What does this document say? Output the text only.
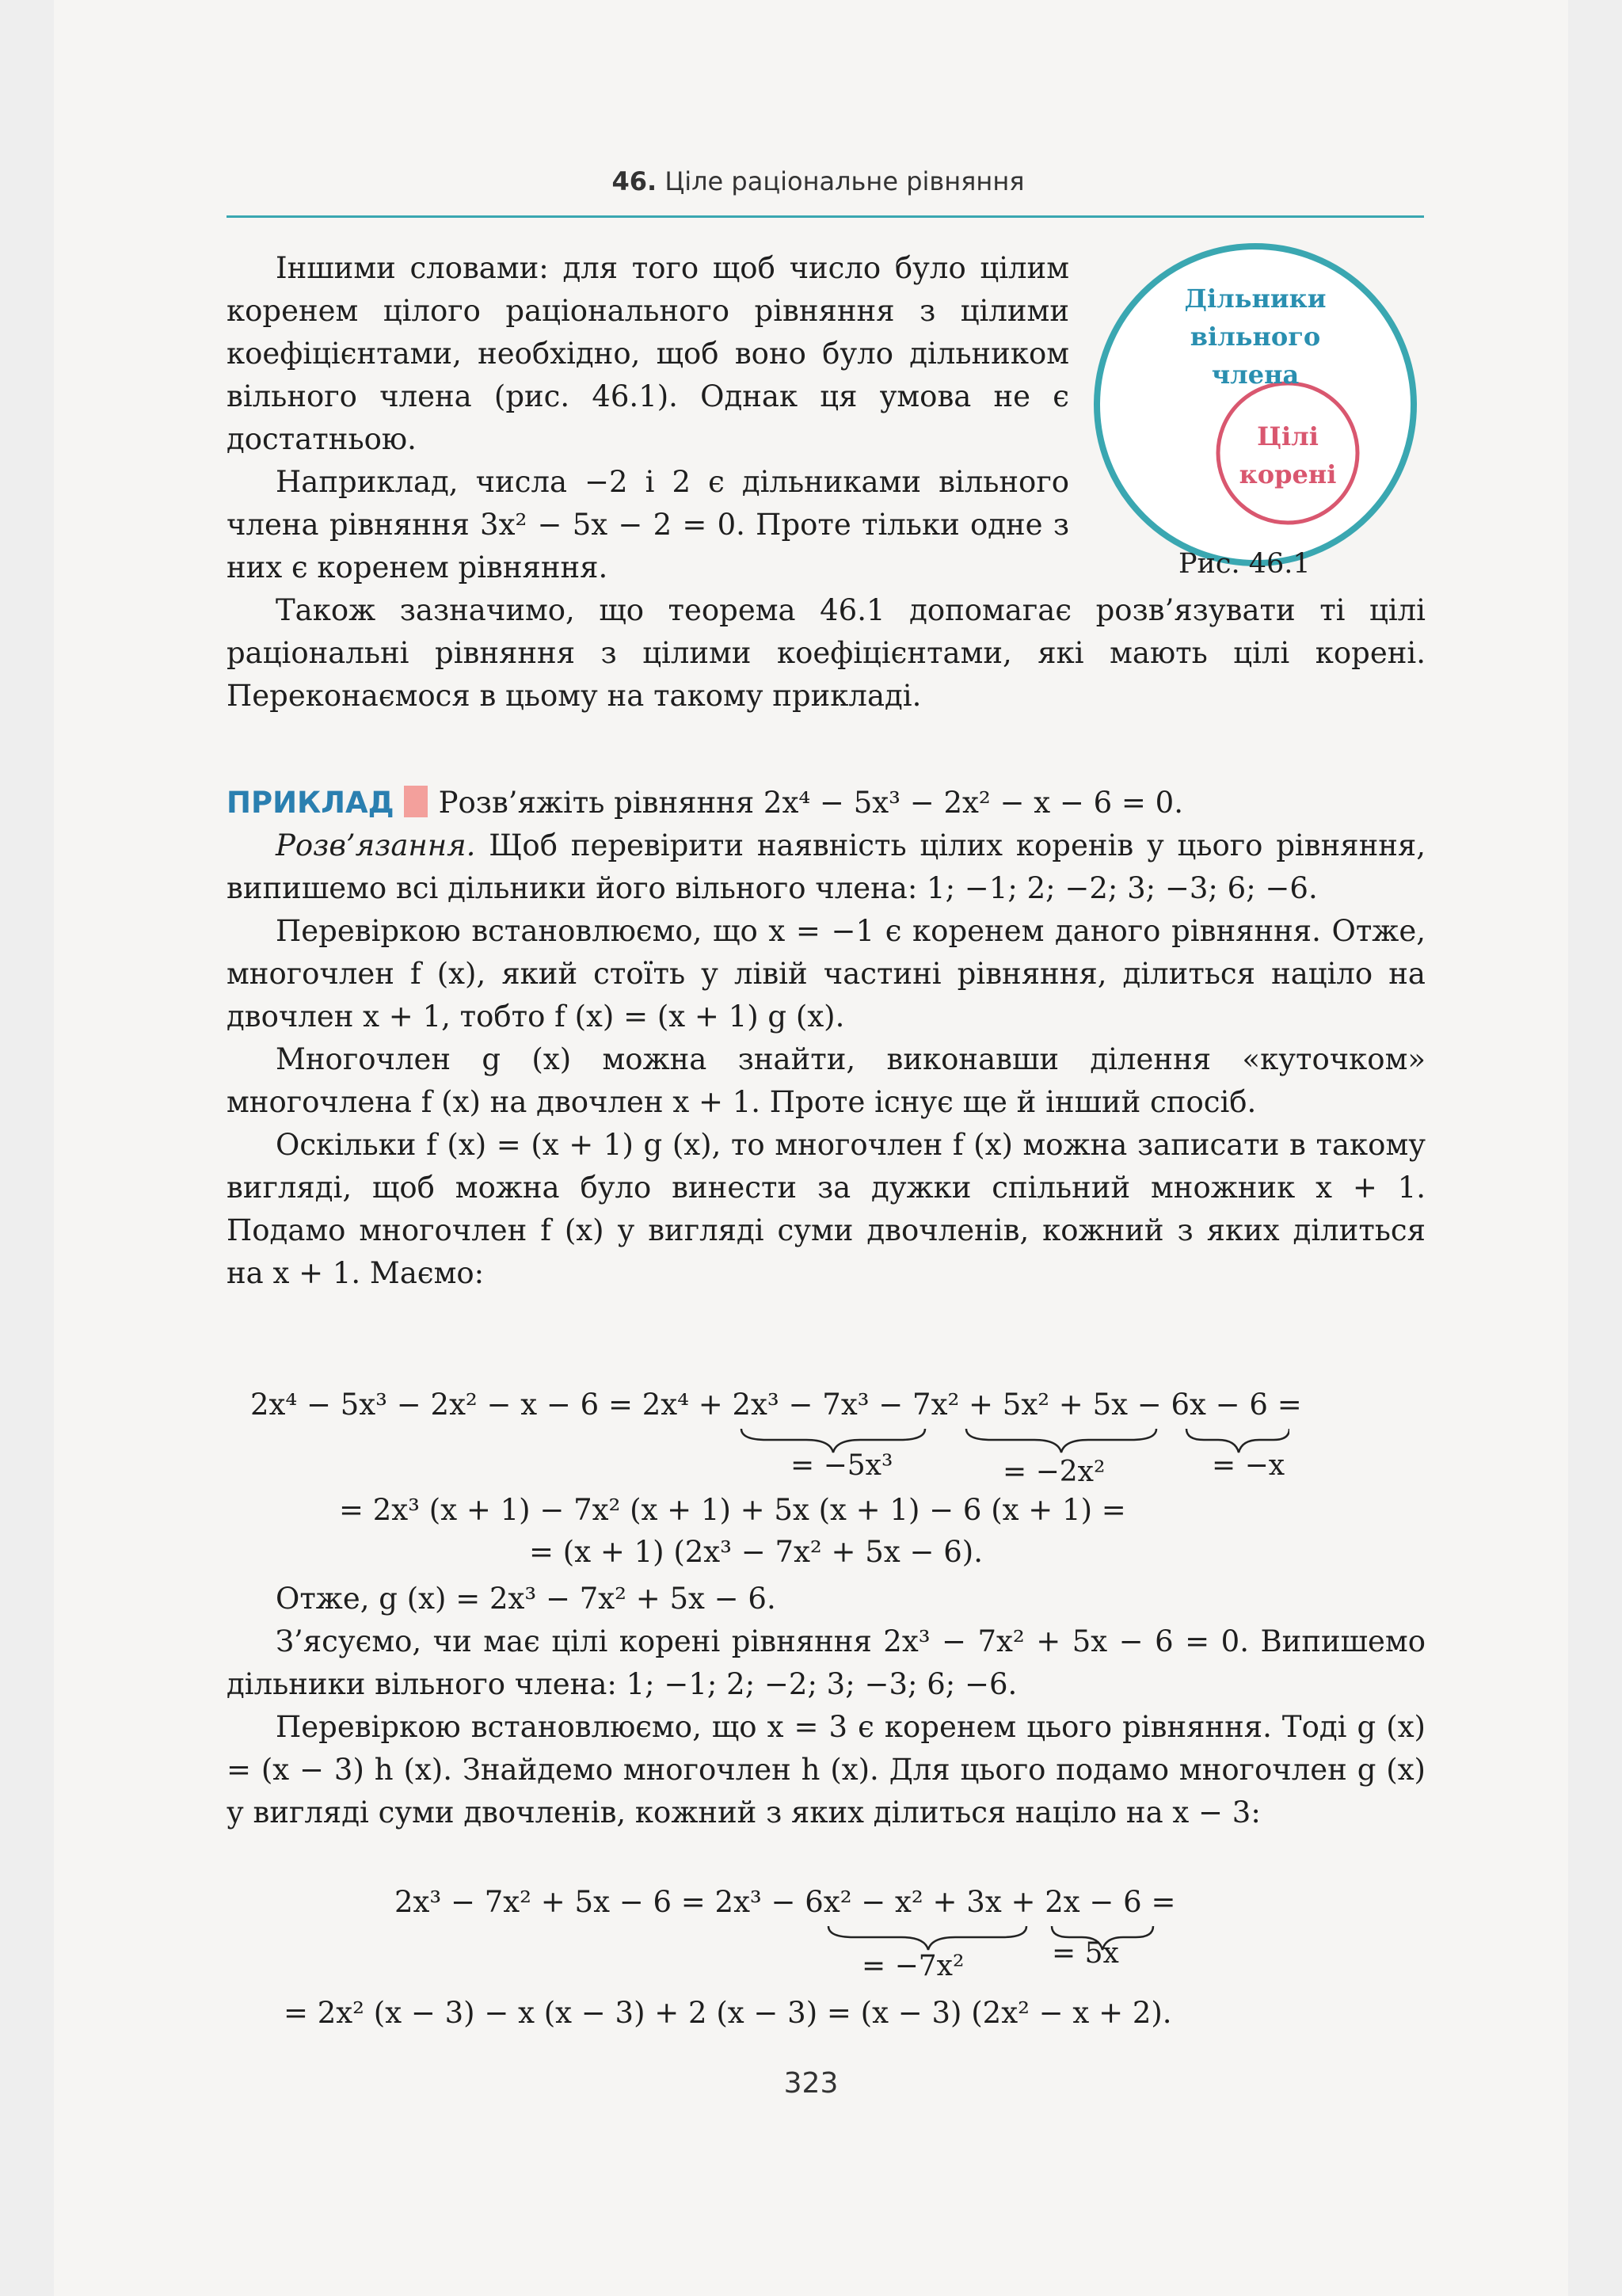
46. Ціле раціональне рівняння
Дільники
вільного
члена
Цілі
корені
Рис. 46.1

Іншими словами: для того щоб число було цілим коренем цілого раціонального рівняння з цілими коефіцієнтами, необхідно, щоб воно було дільником вільного члена (рис. 46.1). Однак ця умова не є достатньою.

Наприклад, числа −2 і 2 є дільниками вільного члена рівняння 3x² − 5x − 2 = 0. Проте тільки одне з них є коренем рівняння.

Також зазначимо, що теорема 46.1 допомагає розв’язувати ті цілі раціональні рівняння з цілими коефіцієнтами, які мають цілі корені. Переконаємося в цьому на такому прикладі.

ПРИКЛАД Розв’яжіть рівняння 2x⁴ − 5x³ − 2x² − x − 6 = 0.

Розв’язання. Щоб перевірити наявність цілих коренів у цього рівняння, випишемо всі дільники його вільного члена: 1; −1; 2; −2; 3; −3; 6; −6.

Перевіркою встановлюємо, що x = −1 є коренем даного рівняння. Отже, многочлен f (x), який стоїть у лівій частині рівняння, ділиться націло на двочлен x + 1, тобто f (x) = (x + 1) g (x).

Многочлен g (x) можна знайти, виконавши ділення «куточком» многочлена f (x) на двочлен x + 1. Проте існує ще й інший спосіб.

Оскільки f (x) = (x + 1) g (x), то многочлен f (x) можна записати в такому вигляді, щоб можна було винести за дужки спільний множник x + 1. Подамо многочлен f (x) у вигляді суми двочленів, кожний з яких ділиться на x + 1. Маємо:

2x⁴ − 5x³ − 2x² − x − 6 = 2x⁴ + 2x³ − 7x³ − 7x² + 5x² + 5x − 6x − 6 =
= −5x³	= −2x²	= −x
= 2x³ (x + 1) − 7x² (x + 1) + 5x (x + 1) − 6 (x + 1) =
= (x + 1) (2x³ − 7x² + 5x − 6).

Отже, g (x) = 2x³ − 7x² + 5x − 6.

З’ясуємо, чи має цілі корені рівняння 2x³ − 7x² + 5x − 6 = 0. Випишемо дільники вільного члена: 1; −1; 2; −2; 3; −3; 6; −6.

Перевіркою встановлюємо, що x = 3 є коренем цього рівняння. Тоді g (x) = (x − 3) h (x). Знайдемо многочлен h (x). Для цього подамо многочлен g (x) у вигляді суми двочленів, кожний з яких ділиться націло на x − 3:

2x³ − 7x² + 5x − 6 = 2x³ − 6x² − x² + 3x + 2x − 6 =
= −7x²	= 5x
= 2x² (x − 3) − x (x − 3) + 2 (x − 3) = (x − 3) (2x² − x + 2).
323
